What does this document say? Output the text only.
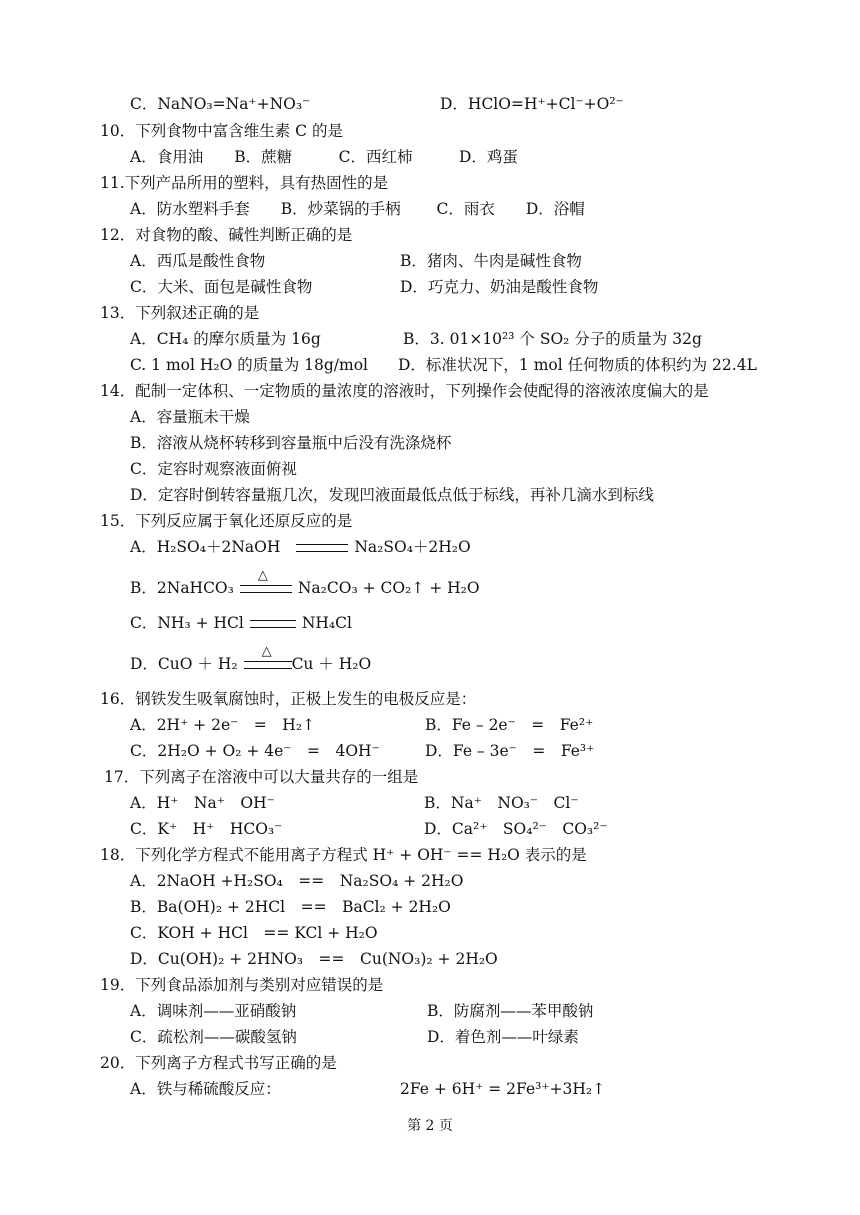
C．NaNO₃=Na⁺+NO₃⁻	D．HClO=H⁺+Cl⁻+O²⁻
10．下列食物中富含维生素 C 的是
A．食用油　　B．蔗糖　　　C．西红柿　　　D．鸡蛋
11.下列产品所用的塑料，具有热固性的是
A．防水塑料手套　　B．炒菜锅的手柄　　 C．雨衣　　D．浴帽
12．对食物的酸、碱性判断正确的是
A．西瓜是酸性食物	B．猪肉、牛肉是碱性食物
C．大米、面包是碱性食物	D．巧克力、奶油是酸性食物
13．下列叙述正确的是
A．CH₄ 的摩尔质量为 16g	B．3. 01×10²³ 个 SO₂ 分子的质量为 32g
C. 1 mol H₂O 的质量为 18g/mol D．标准状况下，1 mol 任何物质的体积约为 22.4L
14．配制一定体积、一定物质的量浓度的溶液时，下列操作会使配得的溶液浓度偏大的是
A．容量瓶未干燥
B．溶液从烧杯转移到容量瓶中后没有洗涤烧杯
C．定容时观察液面俯视
D．定容时倒转容量瓶几次，发现凹液面最低点低于标线，再补几滴水到标线
15．下列反应属于氧化还原反应的是
A．H₂SO₄＋2NaOH	Na₂SO₄＋2H₂O
B．2NaHCO₃
△
Na₂CO₃ + CO₂↑ + H₂O
C．NH₃ + HCl	NH₄Cl
D．CuO ＋ H₂
△
Cu ＋ H₂O
16．钢铁发生吸氧腐蚀时，正极上发生的电极反应是：
A．2H⁺ + 2e⁻　=　H₂↑	B．Fe – 2e⁻　=　Fe²⁺
C．2H₂O + O₂ + 4e⁻　=　4OH⁻	D．Fe – 3e⁻　=　Fe³⁺
17．下列离子在溶液中可以大量共存的一组是
A．H⁺　Na⁺　OH⁻	B．Na⁺　NO₃⁻　Cl⁻
C．K⁺　H⁺　HCO₃⁻	D．Ca²⁺　SO₄²⁻　CO₃²⁻
18．下列化学方程式不能用离子方程式 H⁺ + OH⁻ == H₂O 表示的是
A．2NaOH +H₂SO₄　==　Na₂SO₄ + 2H₂O
B．Ba(OH)₂ + 2HCl　==　BaCl₂ + 2H₂O
C．KOH + HCl　== KCl + H₂O
D．Cu(OH)₂ + 2HNO₃　==　Cu(NO₃)₂ + 2H₂O
19．下列食品添加剂与类别对应错误的是
A．调味剂——亚硝酸钠	B．防腐剂——苯甲酸钠
C．疏松剂——碳酸氢钠	D．着色剂——叶绿素
20．下列离子方程式书写正确的是
A．铁与稀硫酸反应：	2Fe + 6H⁺ = 2Fe³⁺+3H₂↑
第 2 页
